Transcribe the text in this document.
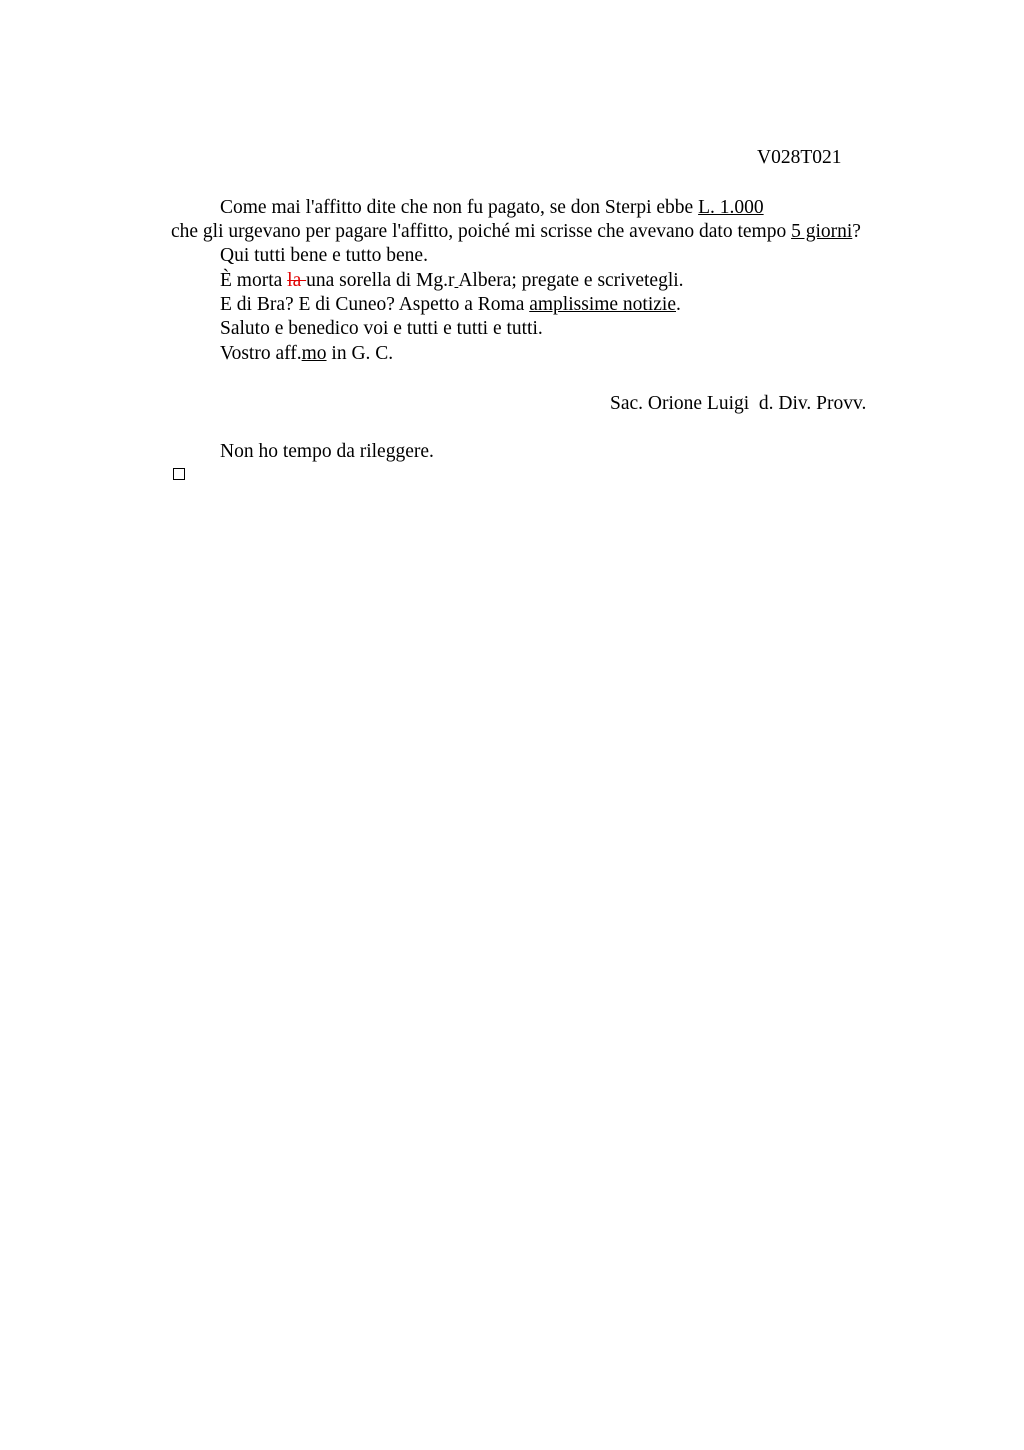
V028T021
Come mai l'affitto dite che non fu pagato, se don Sterpi ebbe L. 1.000
che gli urgevano per pagare l'affitto, poiché mi scrisse che avevano dato tempo 5 giorni?
Qui tutti bene e tutto bene.
È morta la una sorella di Mg.r Albera; pregate e scrivetegli.
E di Bra? E di Cuneo? Aspetto a Roma amplissime notizie.
Saluto e benedico voi e tutti e tutti e tutti.
Vostro aff.mo in G. C.
Sac. Orione Luigi  d. Div. Provv.
Non ho tempo da rileggere.
